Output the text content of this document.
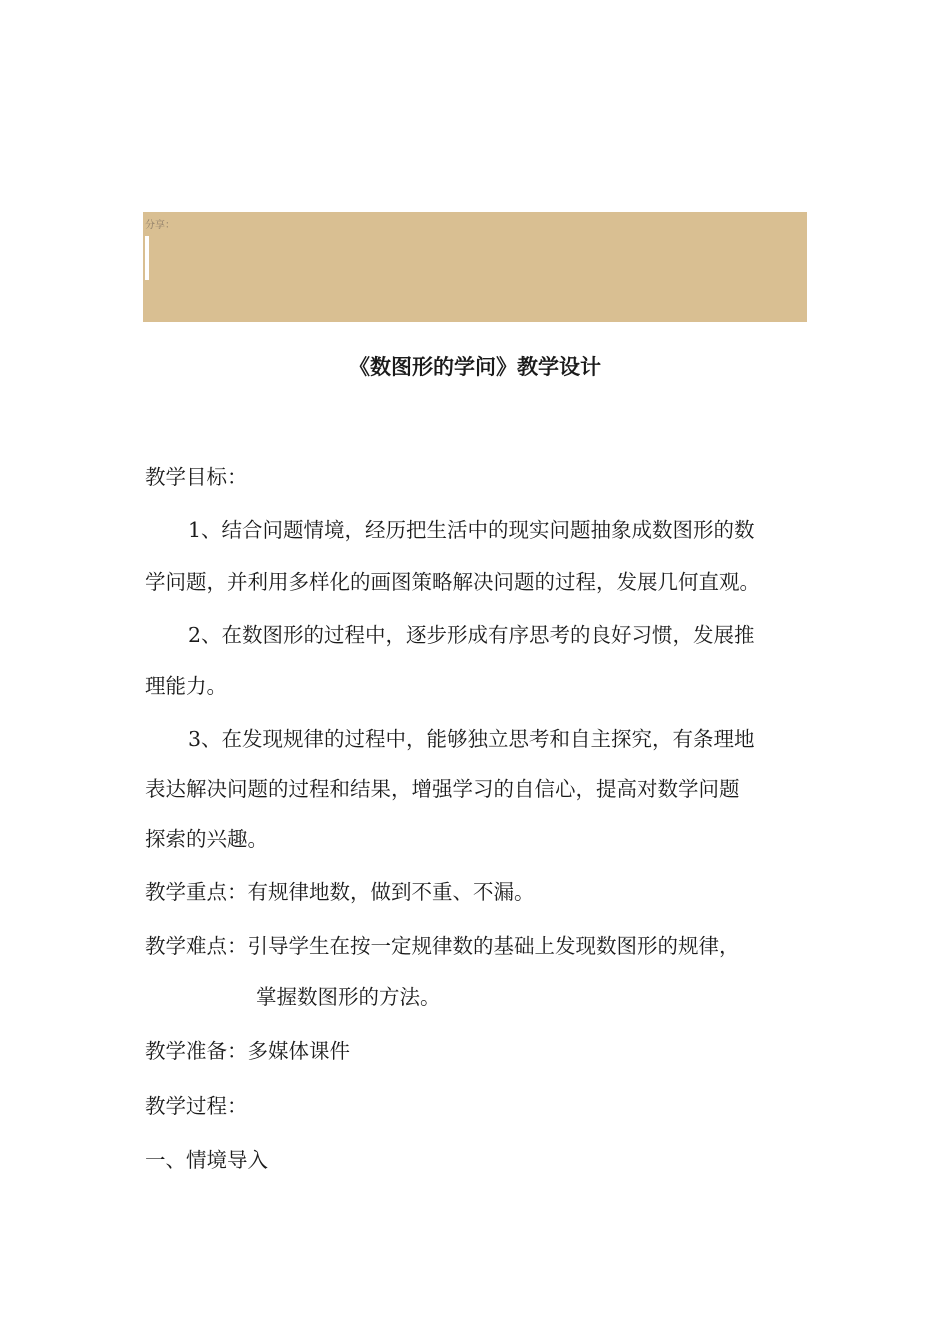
分享：
《数图形的学问》教学设计

教学目标：

1、结合问题情境，经历把生活中的现实问题抽象成数图形的数

学问题，并利用多样化的画图策略解决问题的过程，发展几何直观。

2、在数图形的过程中，逐步形成有序思考的良好习惯，发展推

理能力。

3、在发现规律的过程中，能够独立思考和自主探究，有条理地

表达解决问题的过程和结果，增强学习的自信心，提高对数学问题

探索的兴趣。

教学重点：有规律地数，做到不重、不漏。

教学难点：引导学生在按一定规律数的基础上发现数图形的规律，

掌握数图形的方法。

教学准备：多媒体课件

教学过程：

一、情境导入
